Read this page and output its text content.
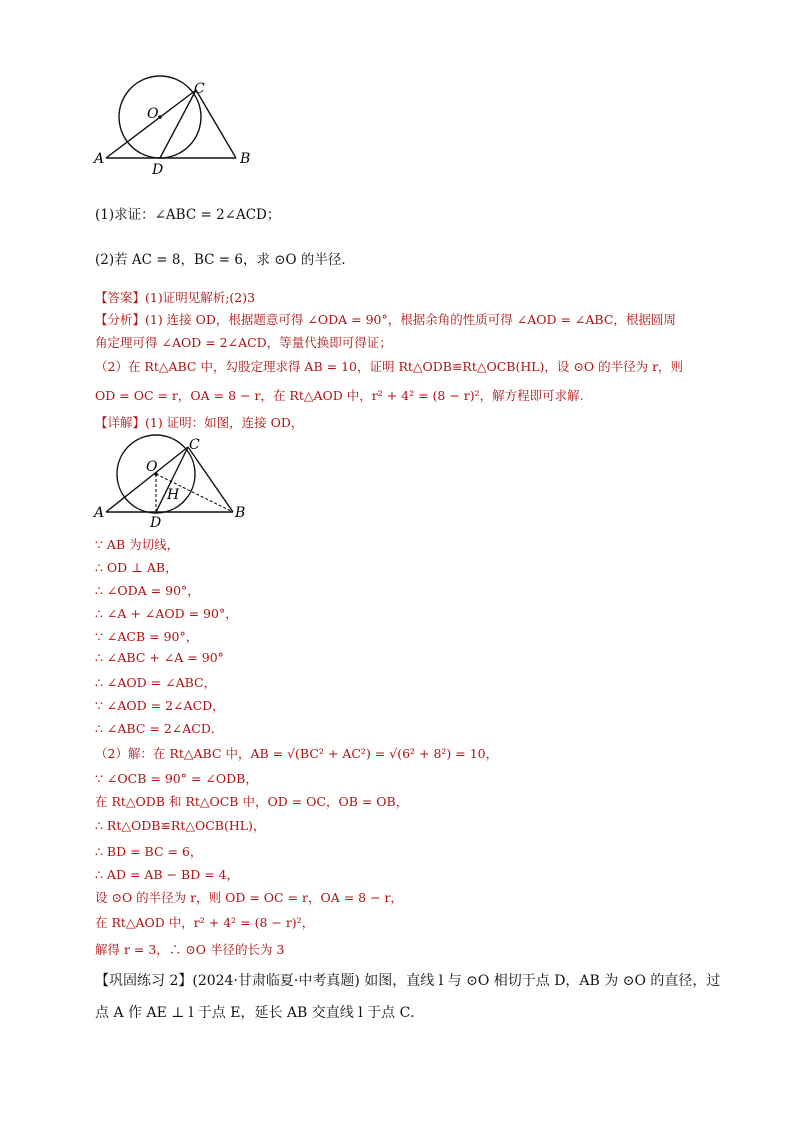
O
C
A
D
B
(1)求证：∠ABC = 2∠ACD；
(2)若 AC = 8，BC = 6，求 ⊙O 的半径．
【答案】(1)证明见解析;(2)3
【分析】(1) 连接 OD，根据题意可得 ∠ODA = 90°，根据余角的性质可得 ∠AOD = ∠ABC，根据圆周
角定理可得 ∠AOD = 2∠ACD，等量代换即可得证；
（2）在 Rt△ABC 中，勾股定理求得 AB = 10，证明 Rt△ODB≌Rt△OCB(HL)，设 ⊙O 的半径为 r，则
OD = OC = r，OA = 8 − r，在 Rt△AOD 中，r² + 4² = (8 − r)²，解方程即可求解.
【详解】(1) 证明：如图，连接 OD，
O
C
H
A
D
B
∵ AB 为切线，
∴ OD ⊥ AB，
∴ ∠ODA = 90°，
∴ ∠A + ∠AOD = 90°，
∵ ∠ACB = 90°，
∴ ∠ABC + ∠A = 90°
∴ ∠AOD = ∠ABC，
∵ ∠AOD = 2∠ACD，
∴ ∠ABC = 2∠ACD．
（2）解：在 Rt△ABC 中，AB = √(BC² + AC²) = √(6² + 8²) = 10，
∵ ∠OCB = 90° = ∠ODB，
在 Rt△ODB 和 Rt△OCB 中，OD = OC，OB = OB，
∴ Rt△ODB≌Rt△OCB(HL)，
∴ BD = BC = 6，
∴ AD = AB − BD = 4，
设 ⊙O 的半径为 r，则 OD = OC = r，OA = 8 − r，
在 Rt△AOD 中，r² + 4² = (8 − r)²，
解得 r = 3，∴ ⊙O 半径的长为 3
【巩固练习 2】(2024·甘肃临夏·中考真题) 如图，直线 l 与 ⊙O 相切于点 D，AB 为 ⊙O 的直径，过
点 A 作 AE ⊥ l 于点 E，延长 AB 交直线 l 于点 C．
